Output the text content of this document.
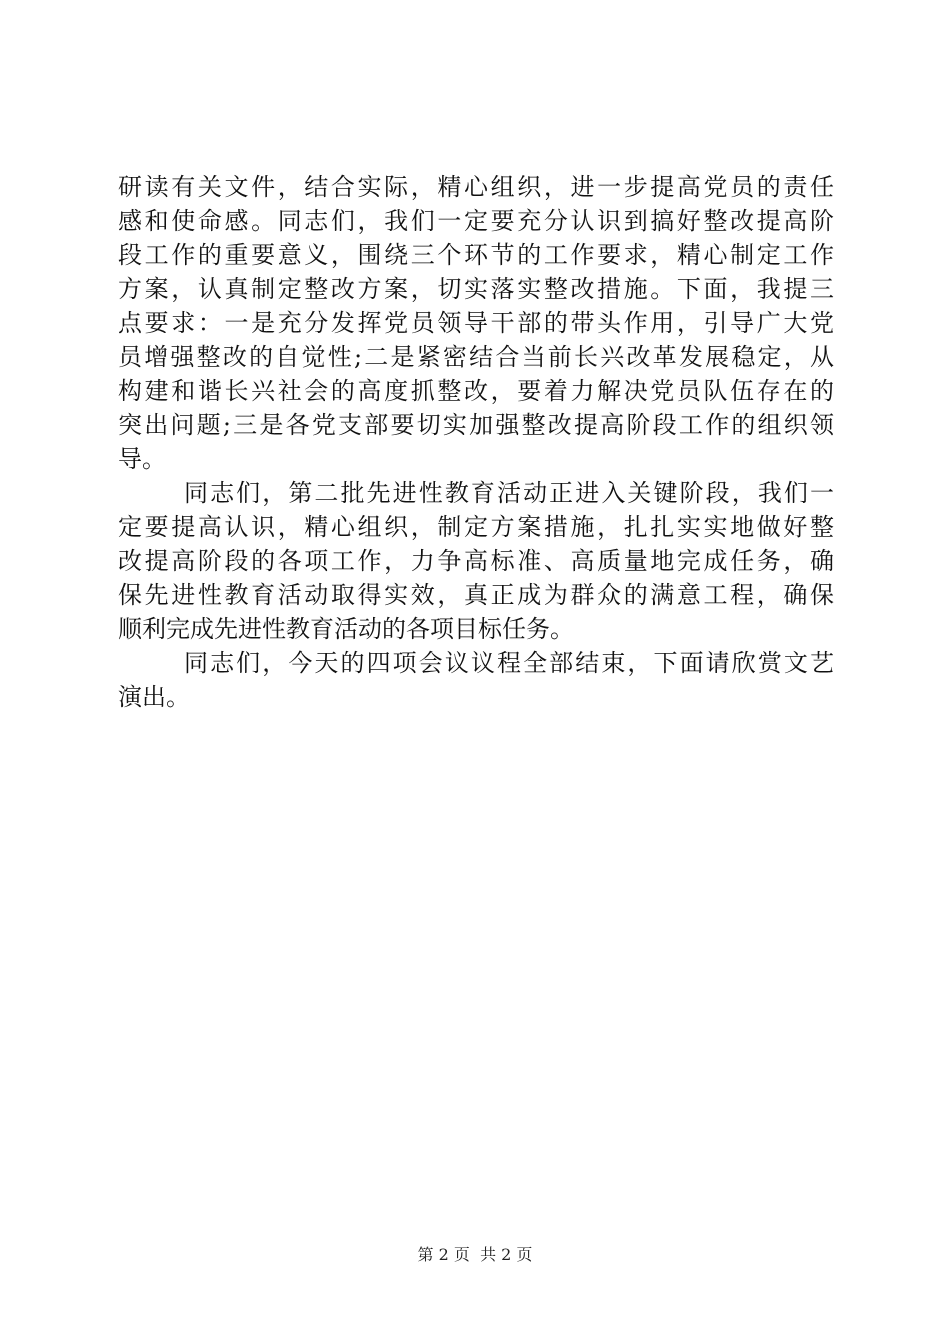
研读有关文件，结合实际，精心组织，进一步提高党员的责任
感和使命感。同志们，我们一定要充分认识到搞好整改提高阶
段工作的重要意义，围绕三个环节的工作要求，精心制定工作
方案，认真制定整改方案，切实落实整改措施。下面，我提三
点要求：一是充分发挥党员领导干部的带头作用，引导广大党
员增强整改的自觉性;二是紧密结合当前长兴改革发展稳定，从
构建和谐长兴社会的高度抓整改，要着力解决党员队伍存在的
突出问题;三是各党支部要切实加强整改提高阶段工作的组织领
导。
同志们，第二批先进性教育活动正进入关键阶段，我们一
定要提高认识，精心组织，制定方案措施，扎扎实实地做好整
改提高阶段的各项工作，力争高标准、高质量地完成任务，确
保先进性教育活动取得实效，真正成为群众的满意工程，确保
顺利完成先进性教育活动的各项目标任务。
同志们，今天的四项会议议程全部结束，下面请欣赏文艺
演出。
第 2 页  共 2 页
